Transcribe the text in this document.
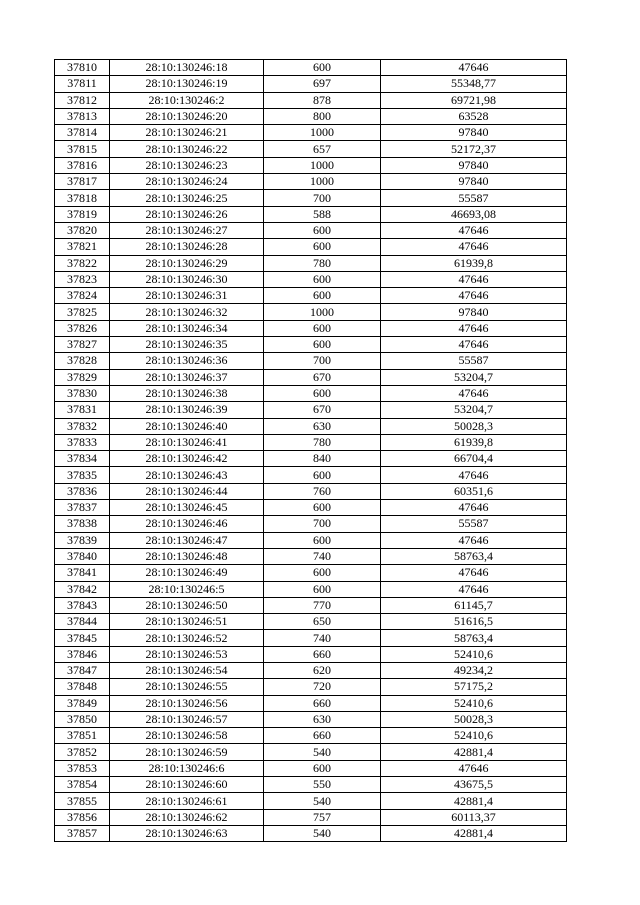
37810	28:10:130246:18	600	47646
37811	28:10:130246:19	697	55348,77
37812	28:10:130246:2	878	69721,98
37813	28:10:130246:20	800	63528
37814	28:10:130246:21	1000	97840
37815	28:10:130246:22	657	52172,37
37816	28:10:130246:23	1000	97840
37817	28:10:130246:24	1000	97840
37818	28:10:130246:25	700	55587
37819	28:10:130246:26	588	46693,08
37820	28:10:130246:27	600	47646
37821	28:10:130246:28	600	47646
37822	28:10:130246:29	780	61939,8
37823	28:10:130246:30	600	47646
37824	28:10:130246:31	600	47646
37825	28:10:130246:32	1000	97840
37826	28:10:130246:34	600	47646
37827	28:10:130246:35	600	47646
37828	28:10:130246:36	700	55587
37829	28:10:130246:37	670	53204,7
37830	28:10:130246:38	600	47646
37831	28:10:130246:39	670	53204,7
37832	28:10:130246:40	630	50028,3
37833	28:10:130246:41	780	61939,8
37834	28:10:130246:42	840	66704,4
37835	28:10:130246:43	600	47646
37836	28:10:130246:44	760	60351,6
37837	28:10:130246:45	600	47646
37838	28:10:130246:46	700	55587
37839	28:10:130246:47	600	47646
37840	28:10:130246:48	740	58763,4
37841	28:10:130246:49	600	47646
37842	28:10:130246:5	600	47646
37843	28:10:130246:50	770	61145,7
37844	28:10:130246:51	650	51616,5
37845	28:10:130246:52	740	58763,4
37846	28:10:130246:53	660	52410,6
37847	28:10:130246:54	620	49234,2
37848	28:10:130246:55	720	57175,2
37849	28:10:130246:56	660	52410,6
37850	28:10:130246:57	630	50028,3
37851	28:10:130246:58	660	52410,6
37852	28:10:130246:59	540	42881,4
37853	28:10:130246:6	600	47646
37854	28:10:130246:60	550	43675,5
37855	28:10:130246:61	540	42881,4
37856	28:10:130246:62	757	60113,37
37857	28:10:130246:63	540	42881,4
